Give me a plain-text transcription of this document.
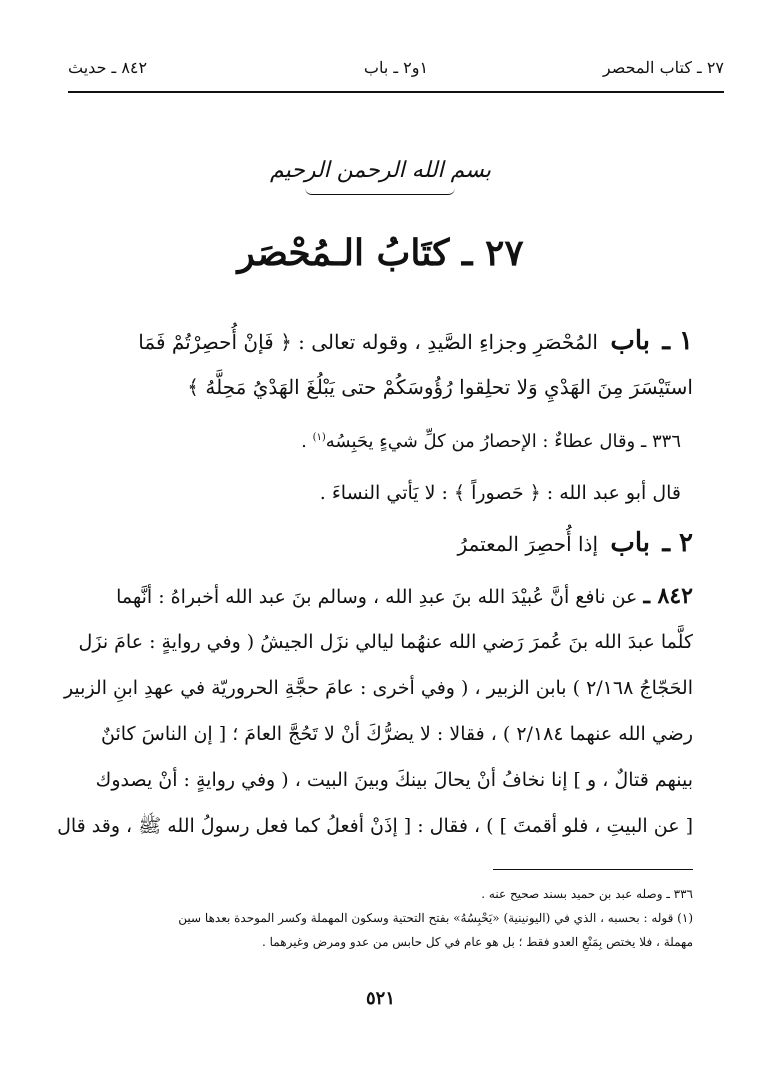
٢٧ ـ كتاب المحصر
١و٢ ـ باب
٨٤٢ ـ حديث
بسم الله الرحمن الرحيم
٢٧ ـ كتَابُ الـمُحْصَر
١ ـ باب المُحْصَرِ وجزاءِ الصَّيدِ ، وقوله تعالى : ﴿ فَإنْ أُحصِرْتُمْ فَمَا
استَيْسَرَ مِنَ الهَدْيِ وَلا تحلِقوا رُؤُوسَكُمْ حتى يَبْلُغَ الهَدْيُ مَحِلَّهُ ﴾
٣٣٦ ـ وقال عطاءٌ : الإحصارُ من كلِّ شيءٍ يحَبِسُه$^{(١)}$ .
قال أبو عبد الله : ﴿ حَصوراً ﴾ : لا يَأتي النساءَ .
٢ ـ باب إذا أُحصِرَ المعتمرُ
٨٤٢ ـ عن نافع أنَّ عُبيْدَ الله بنَ عبدِ الله ، وسالم بنَ عبد الله أخبراهُ : أنَّهما
كلَّما عبدَ الله بنَ عُمرَ رَضي الله عنهُما ليالي نزَل الجيشُ ( وفي روايةٍ : عامَ نزَل
الحَجّاجُ ٢/١٦٨ ) بابن الزبير ، ( وفي أخرى : عامَ حجَّةِ الحروريّة في عهدِ ابنِ الزبير
رضي الله عنهما ٢/١٨٤ ) ، فقالا : لا يضرُّكَ أنْ لا تَحُجَّ العامَ ؛ [ إن الناسَ كائنٌ
بينهم قتالٌ ، و ] إنا نخافُ أنْ يحالَ بينكَ وبينَ البيت ، ( وفي روايةٍ : أنْ يصدوك
[ عن البيتِ ، فلو أقمتَ ] ) ، فقال : [ إذَنْ أفعلُ كما فعل رسولُ الله ﷺ ، وقد قال
٣٣٦ ـ وصله عبد بن حميد بسند صحيح عنه .
(١) قوله : بحسبه ، الذي في (اليونينية) «يَحْبِسُهُ» بفتح التحتية وسكون المهملة وكسر الموحدة بعدها سين
مهملة ، فلا يختص بِمَنْعِ العدو فقط ؛ بل هو عام في كل حابس من عدو ومرض وغيرهما .
٥٢١
